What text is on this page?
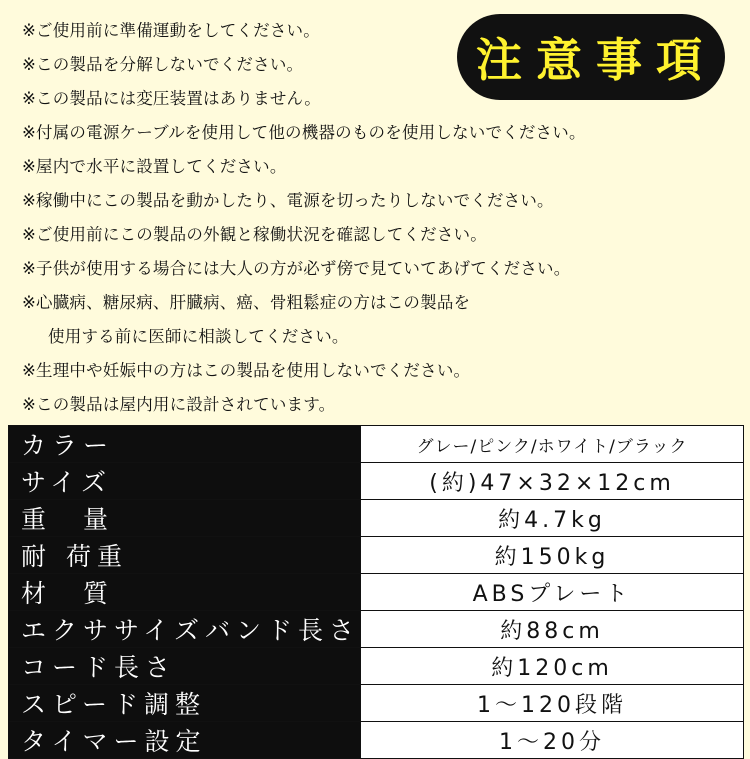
※ご使用前に準備運動をしてください。
※この製品を分解しないでください。
※この製品には変圧装置はありません。
※付属の電源ケーブルを使用して他の機器のものを使用しないでください。
※屋内で水平に設置してください。
※稼働中にこの製品を動かしたり、電源を切ったりしないでください。
※ご使用前にこの製品の外観と稼働状況を確認してください。
※子供が使用する場合には大人の方が必ず傍で見ていてあげてください。
※心臓病、糖尿病、肝臓病、癌、骨粗鬆症の方はこの製品を
使用する前に医師に相談してください。
※生理中や妊娠中の方はこの製品を使用しないでください。
※この製品は屋内用に設計されています。
注意事項
カラー	グレー/ピンク/ホワイト/ブラック
サイズ	(約)47×32×12cm
重　量	約4.7kg
耐 荷重	約150kg
材　質	ABSプレート
エクササイズバンド長さ	約88cm
コード長さ	約120cm
スピード調整	1～120段階
タイマー設定	1～20分
